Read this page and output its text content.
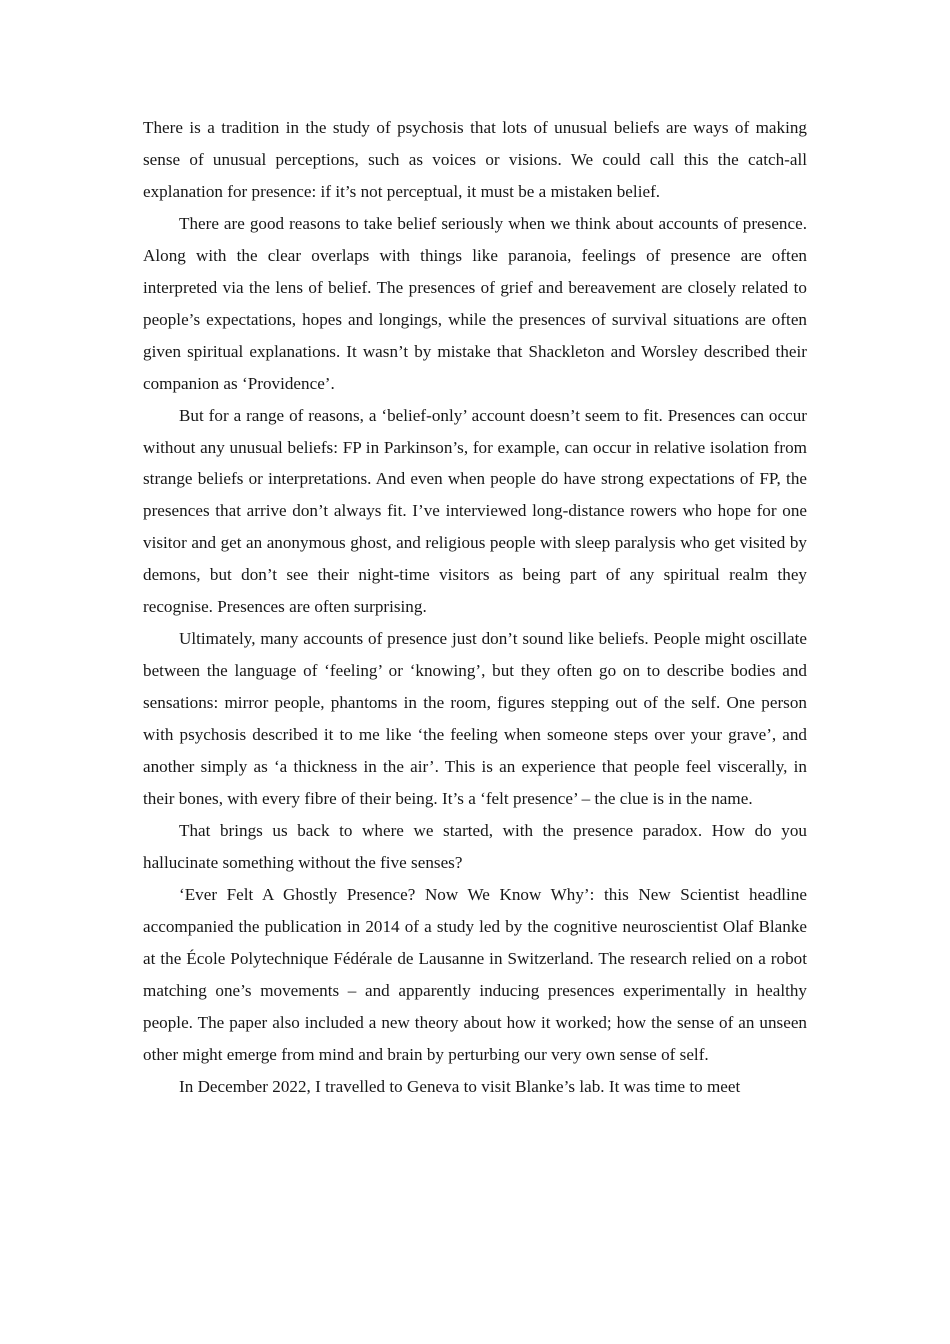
There is a tradition in the study of psychosis that lots of unusual beliefs are ways of making sense of unusual perceptions, such as voices or visions. We could call this the catch-all explanation for presence: if it’s not perceptual, it must be a mistaken belief.

There are good reasons to take belief seriously when we think about accounts of presence. Along with the clear overlaps with things like paranoia, feelings of presence are often interpreted via the lens of belief. The presences of grief and bereavement are closely related to people’s expectations, hopes and longings, while the presences of survival situations are often given spiritual explanations. It wasn’t by mistake that Shackleton and Worsley described their companion as ‘Providence’.

But for a range of reasons, a ‘belief-only’ account doesn’t seem to fit. Presences can occur without any unusual beliefs: FP in Parkinson’s, for example, can occur in relative isolation from strange beliefs or interpretations. And even when people do have strong expectations of FP, the presences that arrive don’t always fit. I’ve interviewed long-distance rowers who hope for one visitor and get an anonymous ghost, and religious people with sleep paralysis who get visited by demons, but don’t see their night-time visitors as being part of any spiritual realm they recognise. Presences are often surprising.

Ultimately, many accounts of presence just don’t sound like beliefs. People might oscillate between the language of ‘feeling’ or ‘knowing’, but they often go on to describe bodies and sensations: mirror people, phantoms in the room, figures stepping out of the self. One person with psychosis described it to me like ‘the feeling when someone steps over your grave’, and another simply as ‘a thickness in the air’. This is an experience that people feel viscerally, in their bones, with every fibre of their being. It’s a ‘felt presence’ – the clue is in the name.

That brings us back to where we started, with the presence paradox. How do you hallucinate something without the five senses?

‘Ever Felt A Ghostly Presence? Now We Know Why’: this New Scientist headline accompanied the publication in 2014 of a study led by the cognitive neuroscientist Olaf Blanke at the École Polytechnique Fédérale de Lausanne in Switzerland. The research relied on a robot matching one’s movements – and apparently inducing presences experimentally in healthy people. The paper also included a new theory about how it worked; how the sense of an unseen other might emerge from mind and brain by perturbing our very own sense of self.

In December 2022, I travelled to Geneva to visit Blanke’s lab. It was time to meet
